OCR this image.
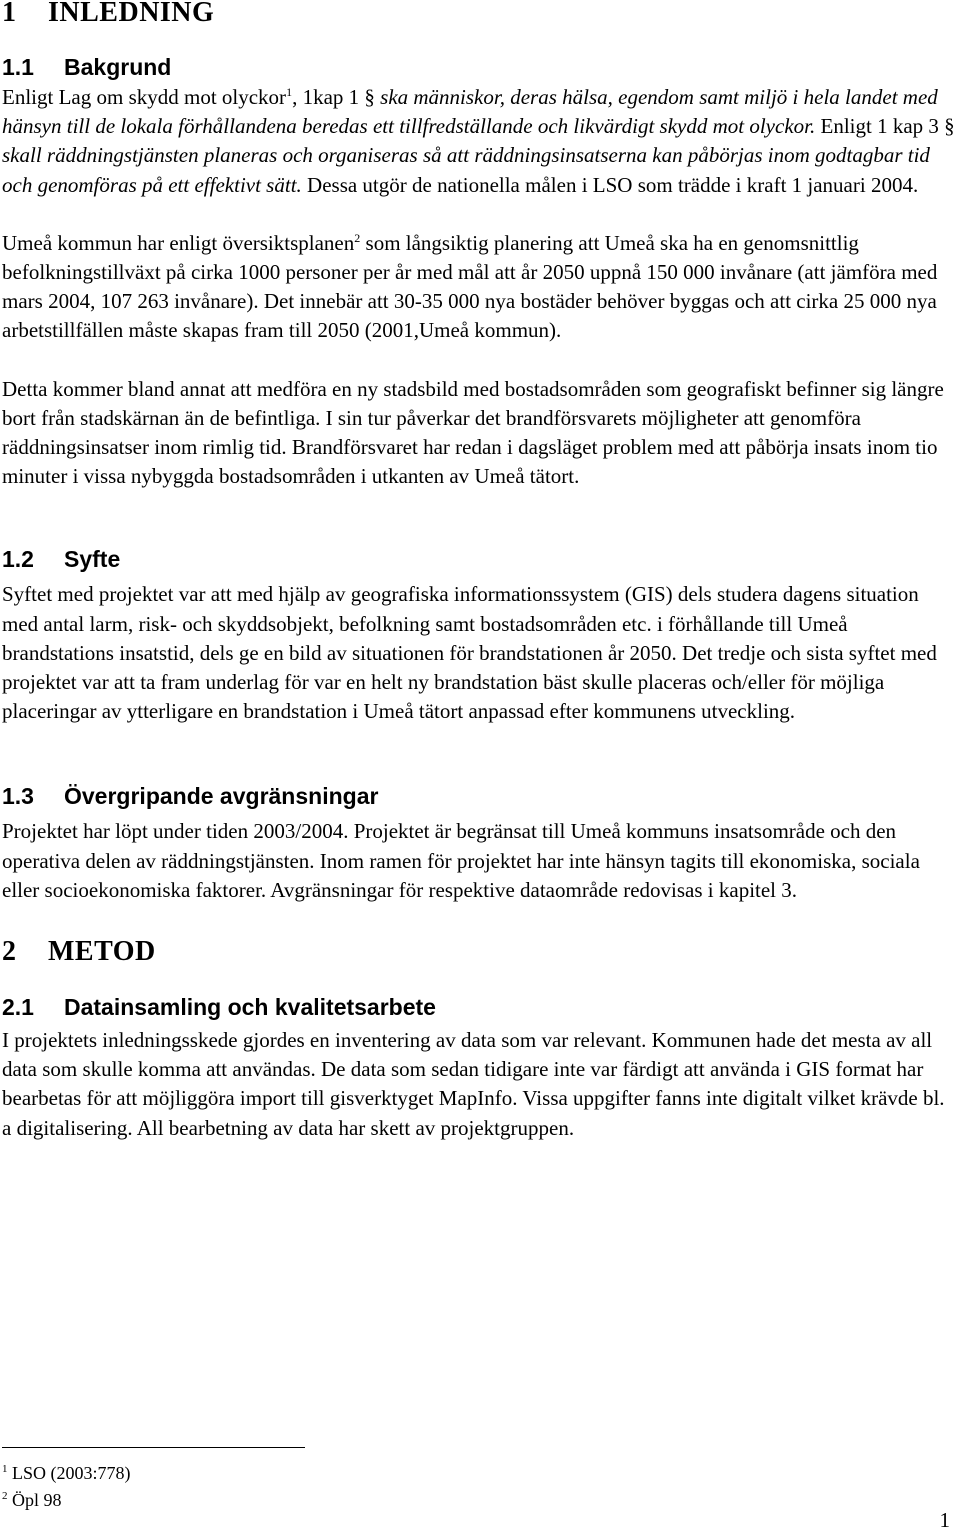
1 INLEDNING
1.1 Bakgrund

Enligt Lag om skydd mot olyckor$^1$, 1kap 1 § ska människor, deras hälsa, egendom samt miljö i hela landet med hänsyn till de lokala förhållandena beredas ett tillfredställande och likvärdigt skydd mot olyckor. Enligt 1 kap 3 § skall räddningstjänsten planeras och organiseras så att räddningsinsatserna kan påbörjas inom godtagbar tid och genomföras på ett effektivt sätt. Dessa utgör de nationella målen i LSO som trädde i kraft 1 januari 2004.

Umeå kommun har enligt översiktsplanen$^2$ som långsiktig planering att Umeå ska ha en genomsnittlig befolkningstillväxt på cirka 1000 personer per år med mål att år 2050 uppnå 150 000 invånare (att jämföra med mars 2004, 107 263 invånare). Det innebär att 30-35 000 nya bostäder behöver byggas och att cirka 25 000 nya arbetstillfällen måste skapas fram till 2050 (2001,Umeå kommun).

Detta kommer bland annat att medföra en ny stadsbild med bostadsområden som geografiskt befinner sig längre bort från stadskärnan än de befintliga. I sin tur påverkar det brandförsvarets möjligheter att genomföra räddningsinsatser inom rimlig tid. Brandförsvaret har redan i dagsläget problem med att påbörja insats inom tio minuter i vissa nybyggda bostadsområden i utkanten av Umeå tätort.

1.2 Syfte

Syftet med projektet var att med hjälp av geografiska informationssystem (GIS) dels studera dagens situation med antal larm, risk- och skyddsobjekt, befolkning samt bostadsområden etc. i förhållande till Umeå brandstations insatstid, dels ge en bild av situationen för brandstationen år 2050. Det tredje och sista syftet med projektet var att ta fram underlag för var en helt ny brandstation bäst skulle placeras och/eller för möjliga placeringar av ytterligare en brandstation i Umeå tätort anpassad efter kommunens utveckling.

1.3 Övergripande avgränsningar

Projektet har löpt under tiden 2003/2004. Projektet är begränsat till Umeå kommuns insatsområde och den operativa delen av räddningstjänsten. Inom ramen för projektet har inte hänsyn tagits till ekonomiska, sociala eller socioekonomiska faktorer. Avgränsningar för respektive dataområde redovisas i kapitel 3.

2 METOD
2.1 Datainsamling och kvalitetsarbete

I projektets inledningsskede gjordes en inventering av data som var relevant. Kommunen hade det mesta av all data som skulle komma att användas. De data som sedan tidigare inte var färdigt att använda i GIS format har bearbetas för att möjliggöra import till gisverktyget MapInfo. Vissa uppgifter fanns inte digitalt vilket krävde bl. a digitalisering. All bearbetning av data har skett av projektgruppen.

$^1$ LSO (2003:778)
$^2$ Öpl 98
1
